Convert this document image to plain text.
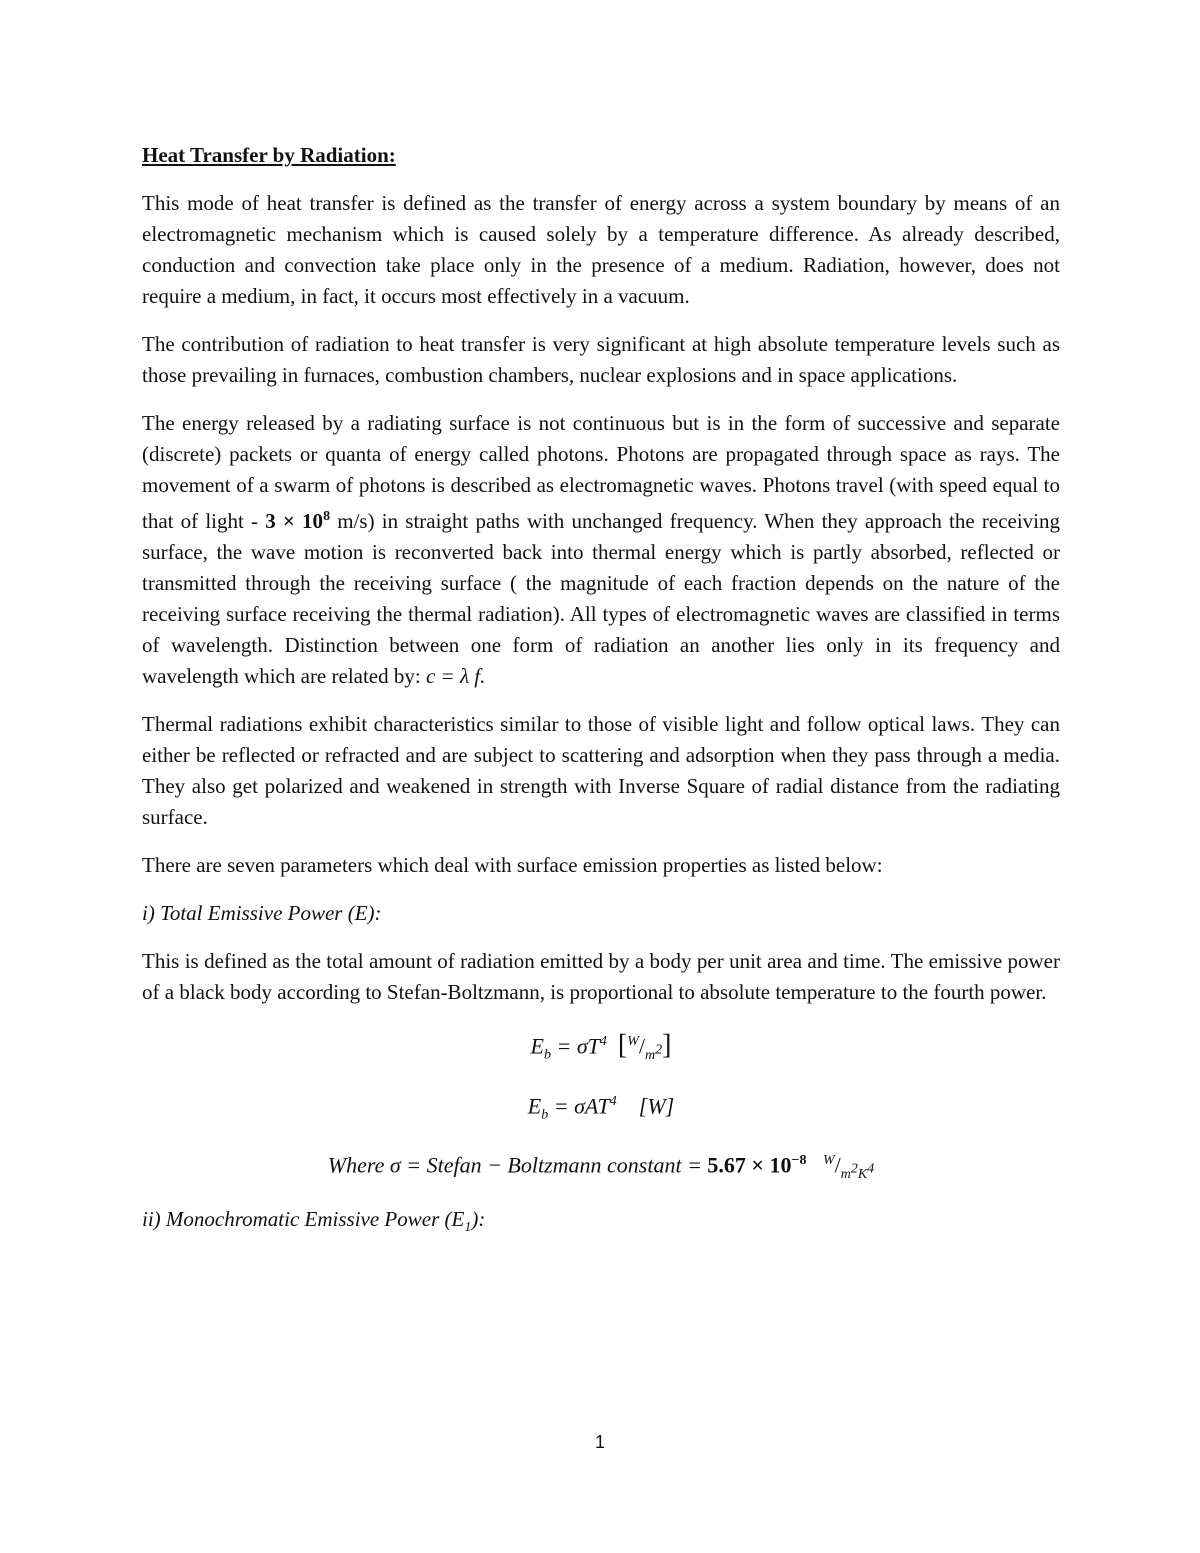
Heat Transfer by Radiation:

This mode of heat transfer is defined as the transfer of energy across a system boundary by means of an electromagnetic mechanism which is caused solely by a temperature difference. As already described, conduction and convection take place only in the presence of a medium. Radiation, however, does not require a medium, in fact, it occurs most effectively in a vacuum.

The contribution of radiation to heat transfer is very significant at high absolute temperature levels such as those prevailing in furnaces, combustion chambers, nuclear explosions and in space applications.

The energy released by a radiating surface is not continuous but is in the form of successive and separate (discrete) packets or quanta of energy called photons. Photons are propagated through space as rays. The movement of a swarm of photons is described as electromagnetic waves. Photons travel (with speed equal to that of light - $3 \times 10^8$ m/s) in straight paths with unchanged frequency. When they approach the receiving surface, the wave motion is reconverted back into thermal energy which is partly absorbed, reflected or transmitted through the receiving surface ( the magnitude of each fraction depends on the nature of the receiving surface receiving the thermal radiation). All types of electromagnetic waves are classified in terms of wavelength. Distinction between one form of radiation an another lies only in its frequency and wavelength which are related by: c = λ f.

Thermal radiations exhibit characteristics similar to those of visible light and follow optical laws. They can either be reflected or refracted and are subject to scattering and adsorption when they pass through a media. They also get polarized and weakened in strength with Inverse Square of radial distance from the radiating surface.

There are seven parameters which deal with surface emission properties as listed below:

i) Total Emissive Power (E):

This is defined as the total amount of radiation emitted by a body per unit area and time. The emissive power of a black body according to Stefan-Boltzmann, is proportional to absolute temperature to the fourth power.

$E_b = \sigma T^4$ $[^W/_{m^2}]$
$E_b = \sigma AT^4$ [W]
Where σ = Stefan − Boltzmann constant = $5.67 \times 10^{-8}$ $^W/_{m^2K^4}$

ii) Monochromatic Emissive Power $(E_1)$:

1
